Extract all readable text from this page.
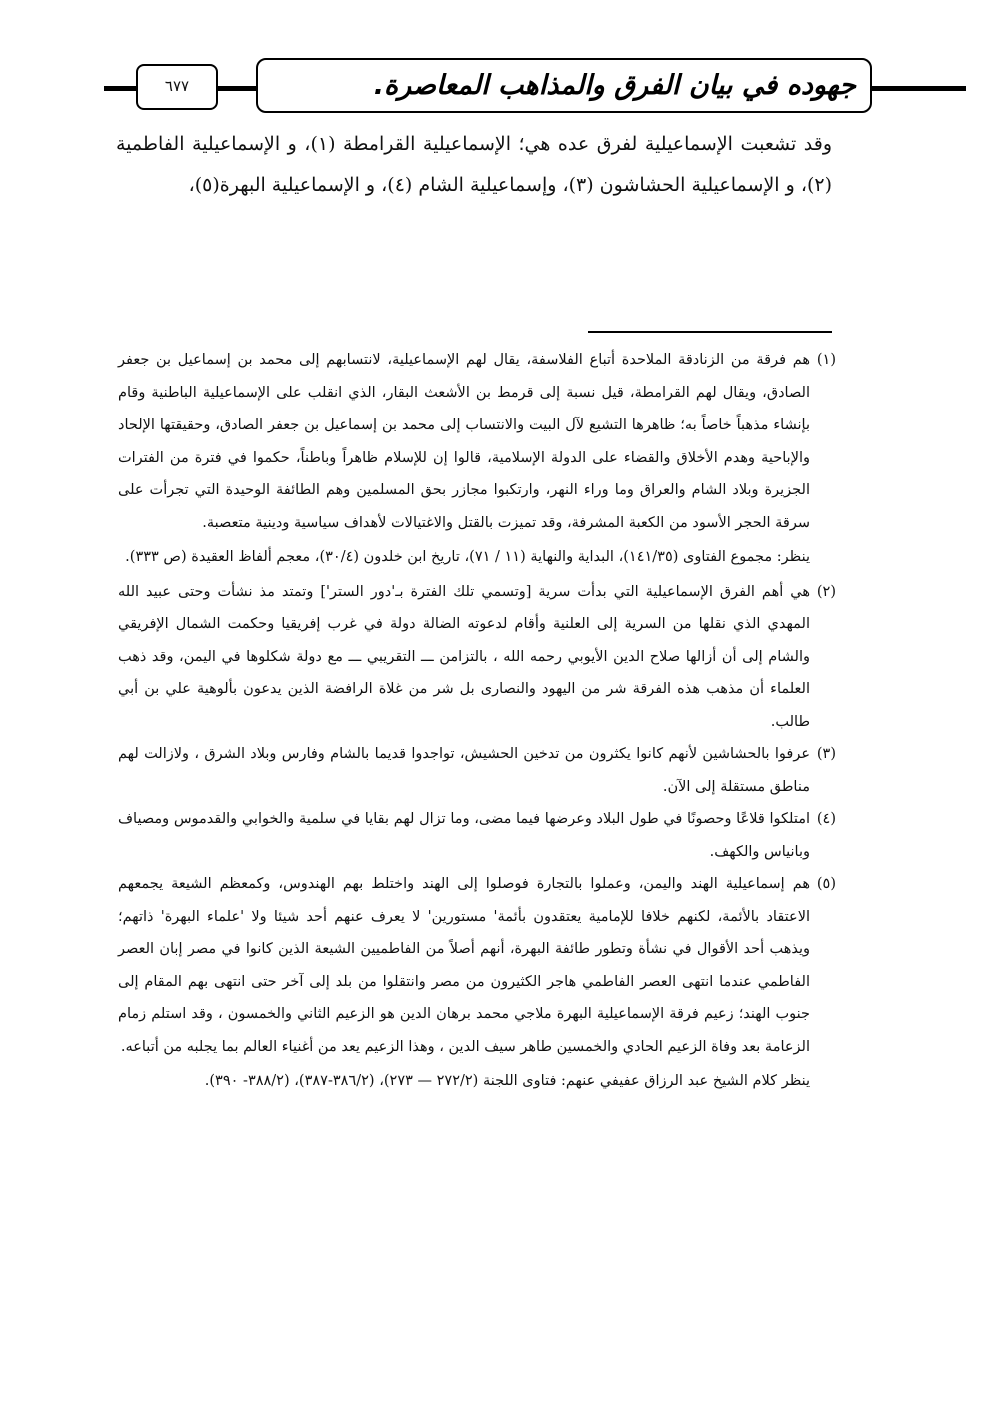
جهوده في بيان الفرق والمذاهب المعاصرة.
٦٧٧

وقد تشعبت الإسماعيلية لفرق عده هي؛ الإسماعيلية القرامطة (١)، و الإسماعيلية الفاطمية (٢)، و الإسماعيلية الحشاشون (٣)، وإسماعيلية الشام (٤)، و الإسماعيلية البهرة(٥)،

(١)
هم فرقة من الزنادقة الملاحدة أتباع الفلاسفة، يقال لهم الإسماعيلية، لانتسابهم إلى محمد بن إسماعيل بن جعفر الصادق، ويقال لهم القرامطة، قيل نسبة إلى قرمط بن الأشعث البقار، الذي انقلب على الإسماعيلية الباطنية وقام بإنشاء مذهباً خاصاً به؛ ظاهرها التشيع لآل البيت والانتساب إلى محمد بن إسماعيل بن جعفر الصادق، وحقيقتها الإلحاد والإباحية وهدم الأخلاق والقضاء على الدولة الإسلامية، قالوا إن للإسلام ظاهراً وباطناً، حكموا في فترة من الفترات الجزيرة وبلاد الشام والعراق وما وراء النهر، وارتكبوا مجازر بحق المسلمين وهم الطائفة الوحيدة التي تجرأت على سرقة الحجر الأسود من الكعبة المشرفة، وقد تميزت بالقتل والاغتيالات لأهداف سياسية ودينية متعصبة.
ينظر: مجموع الفتاوى (١٤١/٣٥)، البداية والنهاية (١١ / ٧١)، تاريخ ابن خلدون (٣٠/٤)، معجم ألفاظ العقيدة (ص ٣٣٣).
(٢)
هي أهم الفرق الإسماعيلية التي بدأت سرية [وتسمي تلك الفترة بـ'دور الستر'] وتمتد مذ نشأت وحتى عبيد الله المهدي الذي نقلها من السرية إلى العلنية وأقام لدعوته الضالة دولة في غرب إفريقيا وحكمت الشمال الإفريقي والشام إلى أن أزالها صلاح الدين الأيوبي رحمه الله ، بالتزامن ـــ التقريبي ـــ مع دولة شكلوها في اليمن، وقد ذهب العلماء أن مذهب هذه الفرقة شر من اليهود والنصارى بل شر من غلاة الرافضة الذين يدعون بألوهية علي بن أبي طالب.
(٣)
عرفوا بالحشاشين لأنهم كانوا يكثرون من تدخين الحشيش، تواجدوا قديما بالشام وفارس وبلاد الشرق ، ولازالت لهم مناطق مستقلة إلى الآن.
(٤)
امتلكوا قلاعًا وحصونًا في طول البلاد وعرضها فيما مضى، وما تزال لهم بقايا في سلمية والخوابي والقدموس ومصياف وبانياس والكهف.
(٥)
هم إسماعيلية الهند واليمن، وعملوا بالتجارة فوصلوا إلى الهند واختلط بهم الهندوس، وكمعظم الشيعة يجمعهم الاعتقاد بالأئمة، لكنهم خلافا للإمامية يعتقدون بأئمة' مستورين' لا يعرف عنهم أحد شيئا ولا 'علماء البهرة' ذاتهم؛ ويذهب أحد الأقوال في نشأة وتطور طائفة البهرة، أنهم أصلاً من الفاطميين الشيعة الذين كانوا في مصر إبان العصر الفاطمي عندما انتهى العصر الفاطمي هاجر الكثيرون من مصر وانتقلوا من بلد إلى آخر حتى انتهى بهم المقام إلى جنوب الهند؛ زعيم فرقة الإسماعيلية البهرة ملاجي محمد برهان الدين هو الزعيم الثاني والخمسون ، وقد استلم زمام الزعامة بعد وفاة الزعيم الحادي والخمسين طاهر سيف الدين ، وهذا الزعيم يعد من أغنياء العالم بما يجلبه من أتباعه.
ينظر كلام الشيخ عبد الرزاق عفيفي عنهم: فتاوى اللجنة (٢٧٢/٢ — ٢٧٣)، (٣٨٦/٢-٣٨٧)، (٣٨٨/٢- ٣٩٠).
